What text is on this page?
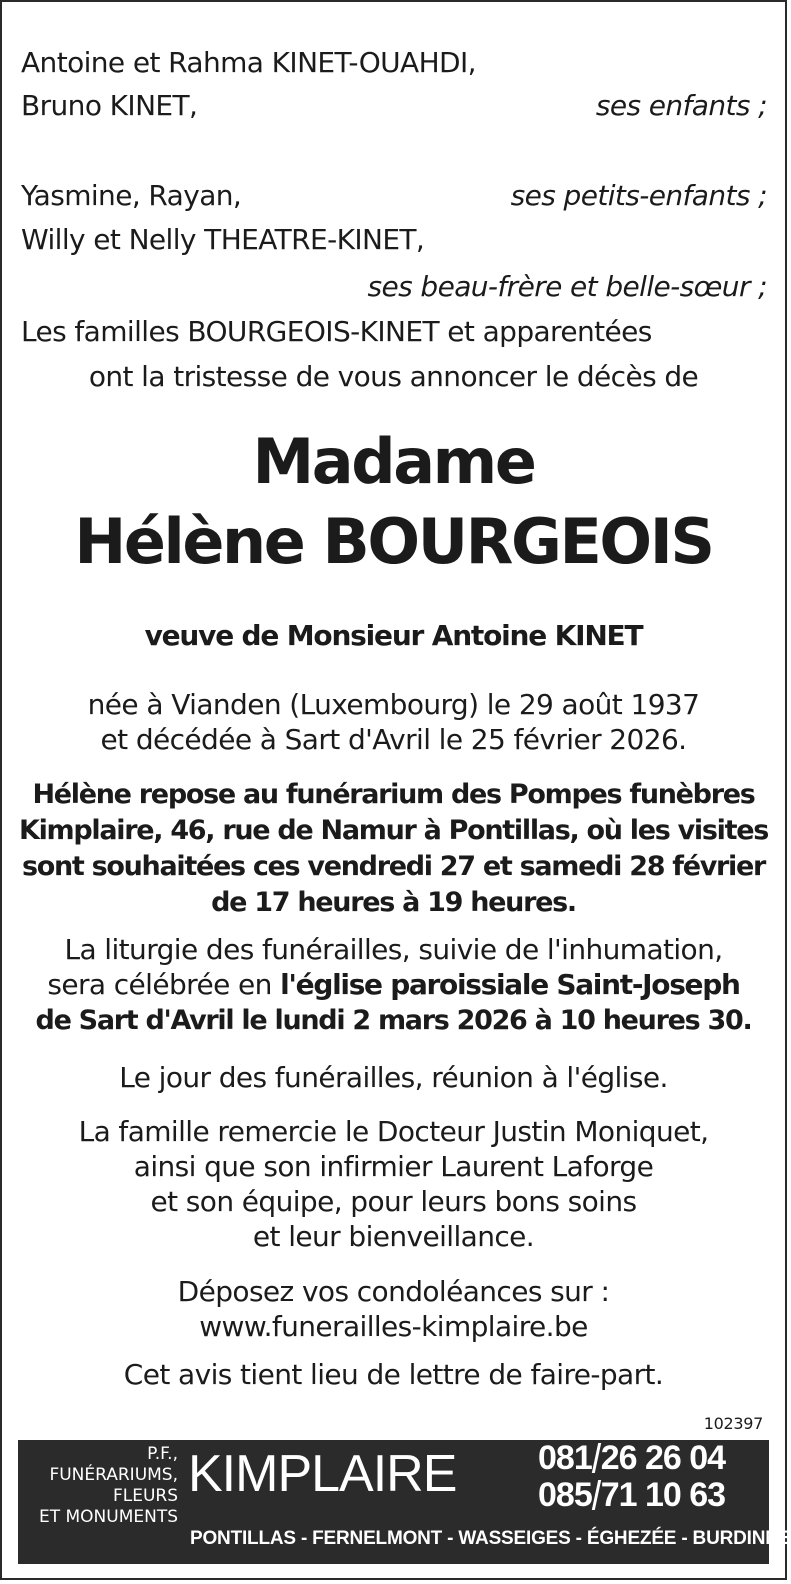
Antoine et Rahma KINET-OUAHDI,
Bruno KINET,	ses enfants ;
Yasmine, Rayan,	ses petits-enfants ;
Willy et Nelly THEATRE-KINET,
ses beau-frère et belle-sœur ;
Les familles BOURGEOIS-KINET et apparentées
ont la tristesse de vous annoncer le décès de
Madame
Hélène BOURGEOIS
veuve de Monsieur Antoine KINET
née à Vianden (Luxembourg) le 29 août 1937
et décédée à Sart d'Avril le 25 février 2026.
Hélène repose au funérarium des Pompes funèbres
Kimplaire, 46, rue de Namur à Pontillas, où les visites
sont souhaitées ces vendredi 27 et samedi 28 février
de 17 heures à 19 heures.
La liturgie des funérailles, suivie de l'inhumation,
sera célébrée en l'église paroissiale Saint-Joseph
de Sart d'Avril le lundi 2 mars 2026 à 10 heures 30.
Le jour des funérailles, réunion à l'église.
La famille remercie le Docteur Justin Moniquet,
ainsi que son infirmier Laurent Laforge
et son équipe, pour leurs bons soins
et leur bienveillance.
Déposez vos condoléances sur :
www.funerailles-kimplaire.be
Cet avis tient lieu de lettre de faire-part.
102397
P.F.,
FUNÉRARIUMS,
FLEURS
ET MONUMENTS
KIMPLAIRE 081 26 26 04
085 71 10 63
PONTILLAS - FERNELMONT - WASSEIGES - ÉGHEZÉE - BURDINNE
